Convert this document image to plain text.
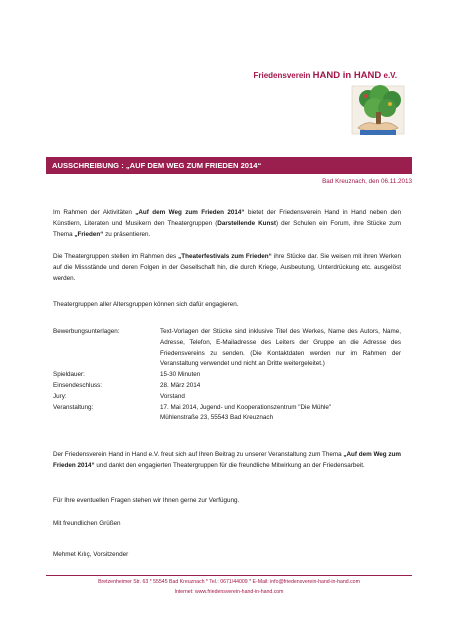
Friedensverein HAND in HAND e.V.
AUSSCHREIBUNG : „AUF DEM WEG ZUM FRIEDEN 2014“
Bad Kreuznach, den 06.11.2013
Im Rahmen der Aktivitäten „Auf dem Weg zum Frieden 2014“ bietet der Friedensverein Hand in Hand neben den Künstlern, Literaten und Musikern den Theatergruppen (Darstellende Kunst) der Schulen ein Forum, ihre Stücke zum Thema „Frieden“ zu präsentieren.
Die Theatergruppen stellen im Rahmen des „Theaterfestivals zum Frieden“ ihre Stücke dar. Sie weisen mit ihren Werken auf die Missstände und deren Folgen in der Gesellschaft hin, die durch Kriege, Ausbeutung, Unterdrückung etc. ausgelöst werden.
Theatergruppen aller Altersgruppen können sich dafür engagieren.
Bewerbungsunterlagen:	Text-Vorlagen der Stücke sind inklusive Titel des Werkes, Name des Autors, Name, Adresse, Telefon, E-Mailadresse des Leiters der Gruppe an die Adresse des Friedensvereins zu senden. (Die Kontaktdaten werden nur im Rahmen der Veranstaltung verwendet und nicht an Dritte weitergeleitet.)
Spieldauer:	15-30 Minuten
Einsendeschluss:	28. März 2014
Jury:	Vorstand
Veranstaltung:	17. Mai 2014, Jugend- und Kooperationszentrum "Die Mühle"
Mühlenstraße 23, 55543 Bad Kreuznach
Der Friedensverein Hand in Hand e.V. freut sich auf Ihren Beitrag zu unserer Veranstaltung zum Thema „Auf dem Weg zum Frieden 2014“ und dankt den engagierten Theatergruppen für die freundliche Mitwirkung an der Friedensarbeit.
Für Ihre eventuellen Fragen stehen wir Ihnen gerne zur Verfügung.
Mit freundlichen Grüßen
Mehmet Kılıç, Vorsitzender
Bretzenheimer Str. 63 * 55545 Bad Kreuznach * Tel.: 0671/44009 * E-Mail: info@friedensverein-hand-in-hand.com
Internet: www.friedensverein-hand-in-hand.com
